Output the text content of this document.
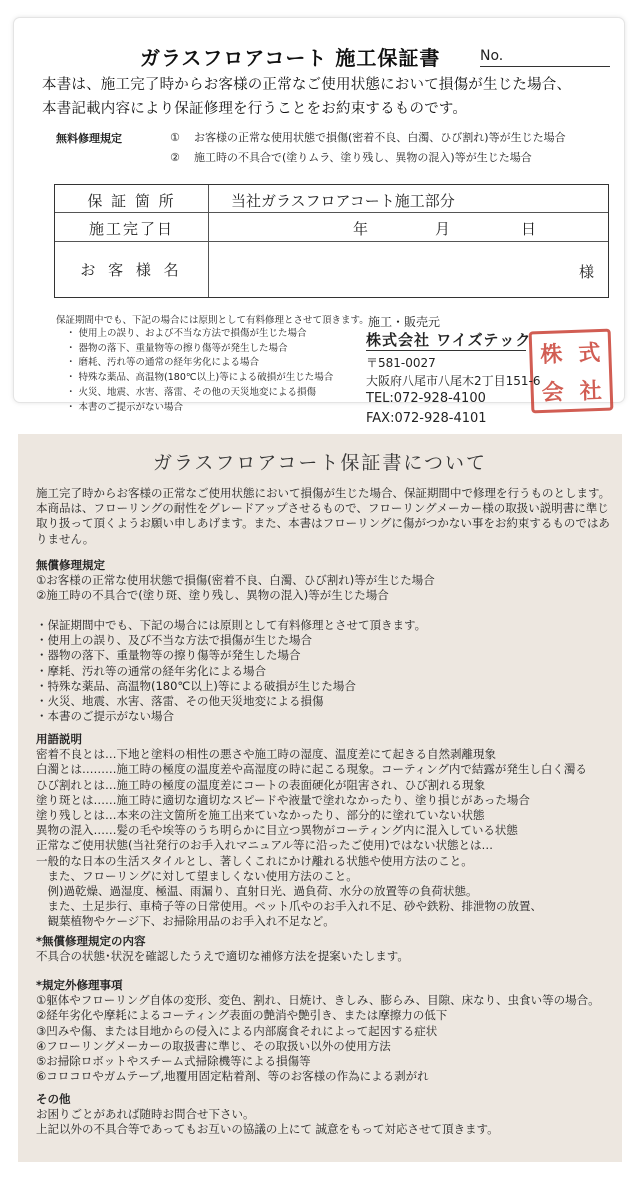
ガラスフロアコート 施工保証書	No.
本書は、施工完了時からお客様の正常なご使用状態において損傷が生じた場合、
本書記載内容により保証修理を行うことをお約束するものです。
無料修理規定	① お客様の正常な使用状態で損傷(密着不良、白濁、ひび割れ)等が生じた場合
② 施工時の不具合で(塗りムラ、塗り残し、異物の混入)等が生じた場合
保 証 箇 所	当社ガラスフロアコート施工部分
施工完了日	年	月	日
お 客 様 名	様
保証期間中でも、下記の場合には原則として有料修理とさせて頂きます。
・ 使用上の誤り、および不当な方法で損傷が生じた場合
・ 器物の落下、重量物等の擦り傷等が発生した場合
・ 磨耗、汚れ等の通常の経年劣化による場合
・ 特殊な薬品、高温物(180℃以上)等による破損が生じた場合
・ 火災、地震、水害、落雷、その他の天災地変による損傷
・ 本書のご提示がない場合
株 式
会 社
施工・販売元
株式会社 ワイズテック
〒581-0027
大阪府八尾市八尾木2丁目151-6
TEL:072-928-4100
FAX:072-928-4101
ガラスフロアコート保証書について
施工完了時からお客様の正常なご使用状態において損傷が生じた場合、保証期間中で修理を行うものとします。
本商品は、フローリングの耐性をグレードアップさせるもので、フローリングメーカー様の取扱い説明書に準じ
取り扱って頂くようお願い申しあげます。また、本書はフローリングに傷がつかない事をお約束するものではあ
りません。
無償修理規定
①お客様の正常な使用状態で損傷(密着不良、白濁、ひび割れ)等が生じた場合
②施工時の不具合で(塗り斑、塗り残し、異物の混入)等が生じた場合
・保証期間中でも、下記の場合には原則として有料修理とさせて頂きます。
・使用上の誤り、及び不当な方法で損傷が生じた場合
・器物の落下、重量物等の擦り傷等が発生した場合
・摩耗、汚れ等の通常の経年劣化による場合
・特殊な薬品、高温物(180℃以上)等による破損が生じた場合
・火災、地震、水害、落雷、その他天災地変による損傷
・本書のご提示がない場合
用語説明
密着不良とは…下地と塗料の相性の悪さや施工時の湿度、温度差にて起きる自然剥離現象
白濁とは………施工時の極度の温度差や高湿度の時に起こる現象。コーティング内で結露が発生し白く濁る
ひび割れとは…施工時の極度の温度差にコートの表面硬化が阻害され、ひび割れる現象
塗り斑とは……施工時に適切な適切なスピードや液量で塗れなかったり、塗り損じがあった場合
塗り残しとは…本来の注文箇所を施工出来ていなかったり、部分的に塗れていない状態
異物の混入……髪の毛や埃等のうち明らかに目立つ異物がコーティング内に混入している状態
正常なご使用状態(当社発行のお手入れマニュアル等に沿ったご使用)ではない状態とは…
一般的な日本の生活スタイルとし、著しくこれにかけ離れる状態や使用方法のこと。
　また、フローリングに対して望ましくない使用方法のこと。
　例)過乾燥、過湿度、極温、雨漏り、直射日光、過負荷、水分の放置等の負荷状態。
　また、土足歩行、車椅子等の日常使用。ペット爪やのお手入れ不足、砂や鉄粉、排泄物の放置、
　観葉植物やケージ下、お掃除用品のお手入れ不足など。
*無償修理規定の内容
不具合の状態･状況を確認したうえで適切な補修方法を提案いたします。
*規定外修理事項
①躯体やフローリング自体の変形、変色、割れ、日焼け、きしみ、膨らみ、目隙、床なり、虫食い等の場合。
②経年劣化や摩耗によるコーティング表面の艶消や艶引き、または摩擦力の低下
③凹みや傷、または目地からの侵入による内部腐食それによって起因する症状
④フローリングメーカーの取扱書に準じ、その取扱い以外の使用方法
⑤お掃除ロボットやスチーム式掃除機等による損傷等
⑥コロコロやガムテープ,地覆用固定粘着剤、等のお客様の作為による剥がれ
その他
お困りごとがあれば随時お問合せ下さい。
上記以外の不具合等であってもお互いの協議の上にて 誠意をもって対応させて頂きます。
